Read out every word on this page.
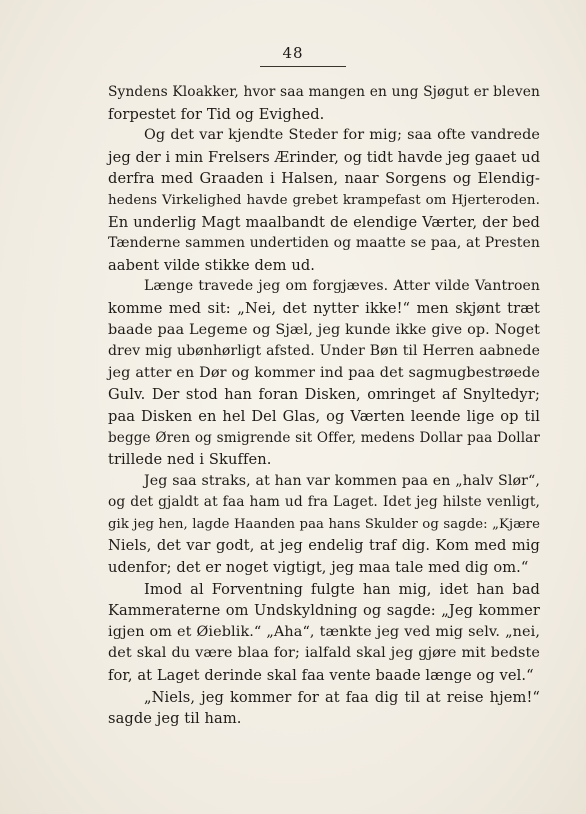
48
Syndens Kloakker, hvor saa mangen en ung Sjøgut er bleven
forpestet for Tid og Evighed.
Og det var kjendte Steder for mig; saa ofte vandrede
jeg der i min Frelsers Ærinder, og tidt havde jeg gaaet ud
derfra med Graaden i Halsen, naar Sorgens og Elendig-
hedens Virkelighed havde grebet krampefast om Hjerteroden.
En underlig Magt maalbandt de elendige Værter, der bed
Tænderne sammen undertiden og maatte se paa, at Presten
aabent vilde stikke dem ud.
Længe travede jeg om forgjæves. Atter vilde Vantroen
komme med sit: „Nei, det nytter ikke!“ men skjønt træt
baade paa Legeme og Sjæl, jeg kunde ikke give op. Noget
drev mig ubønhørligt afsted. Under Bøn til Herren aabnede
jeg atter en Dør og kommer ind paa det sagmugbestrøede
Gulv. Der stod han foran Disken, omringet af Snyltedyr;
paa Disken en hel Del Glas, og Værten leende lige op til
begge Øren og smigrende sit Offer, medens Dollar paa Dollar
trillede ned i Skuffen.
Jeg saa straks, at han var kommen paa en „halv Slør“,
og det gjaldt at faa ham ud fra Laget. Idet jeg hilste venligt,
gik jeg hen, lagde Haanden paa hans Skulder og sagde: „Kjære
Niels, det var godt, at jeg endelig traf dig. Kom med mig
udenfor; det er noget vigtigt, jeg maa tale med dig om.“
Imod al Forventning fulgte han mig, idet han bad
Kammeraterne om Undskyldning og sagde: „Jeg kommer
igjen om et Øieblik.“ „Aha“, tænkte jeg ved mig selv. „nei,
det skal du være blaa for; ialfald skal jeg gjøre mit bedste
for, at Laget derinde skal faa vente baade længe og vel.“
„Niels, jeg kommer for at faa dig til at reise hjem!“
sagde jeg til ham.
